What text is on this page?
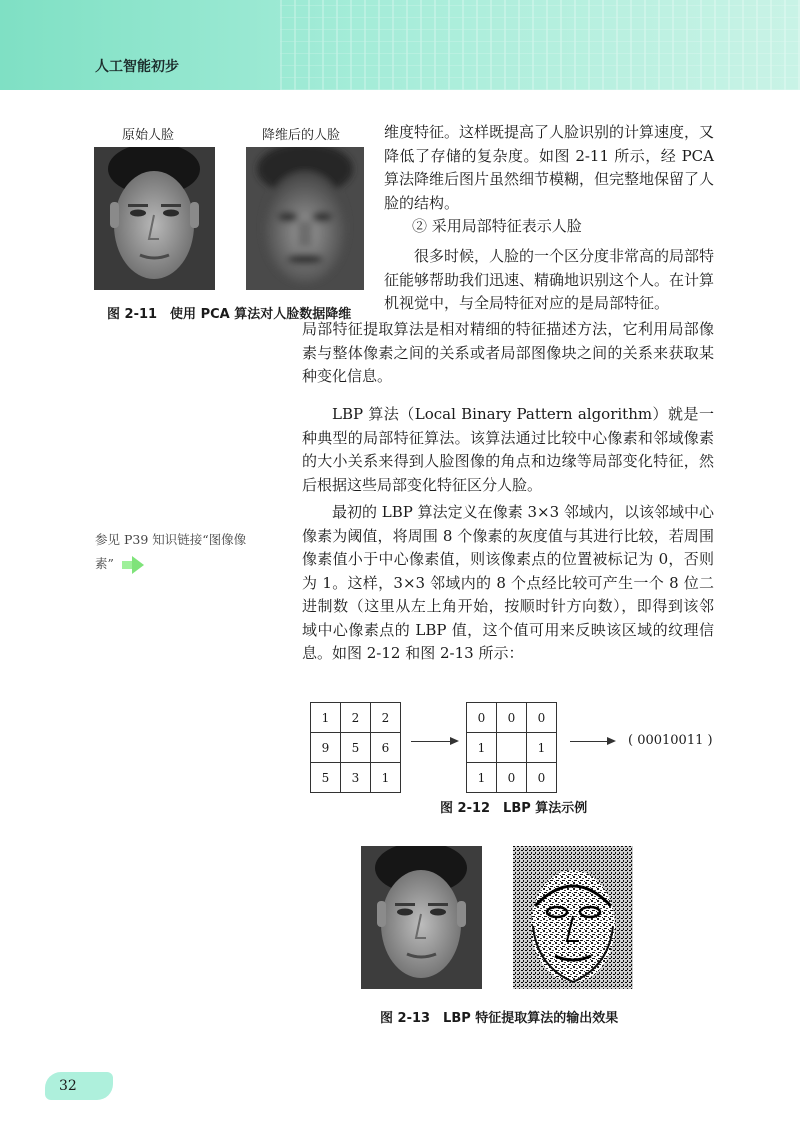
人工智能初步
原始人脸	降维后的人脸
图 2-11　使用 PCA 算法对人脸数据降维

维度特征。这样既提高了人脸识别的计算速度，又降低了存储的复杂度。如图 2-11 所示，经 PCA 算法降维后图片虽然细节模糊，但完整地保留了人脸的结构。

② 采用局部特征表示人脸

很多时候，人脸的一个区分度非常高的局部特征能够帮助我们迅速、精确地识别这个人。在计算机视觉中，与全局特征对应的是局部特征。

局部特征提取算法是相对精细的特征描述方法，它利用局部像素与整体像素之间的关系或者局部图像块之间的关系来获取某种变化信息。

LBP 算法（Local Binary Pattern algorithm）就是一种典型的局部特征算法。该算法通过比较中心像素和邻域像素的大小关系来得到人脸图像的角点和边缘等局部变化特征，然后根据这些局部变化特征区分人脸。

最初的 LBP 算法定义在像素 3×3 邻域内，以该邻域中心像素为阈值，将周围 8 个像素的灰度值与其进行比较，若周围像素值小于中心像素值，则该像素点的位置被标记为 0，否则为 1。这样，3×3 邻域内的 8 个点经比较可产生一个 8 位二进制数（这里从左上角开始，按顺时针方向数），即得到该邻域中心像素点的 LBP 值，这个值可用来反映该区域的纹理信息。如图 2-12 和图 2-13 所示：

参见 P39 知识链接“图像像素”
1	2	2
9	5	6
5	3	1
0	0	0
1		1
1	0	0
( 00010011 )
图 2-12　LBP 算法示例
图 2-13　LBP 特征提取算法的输出效果
32
